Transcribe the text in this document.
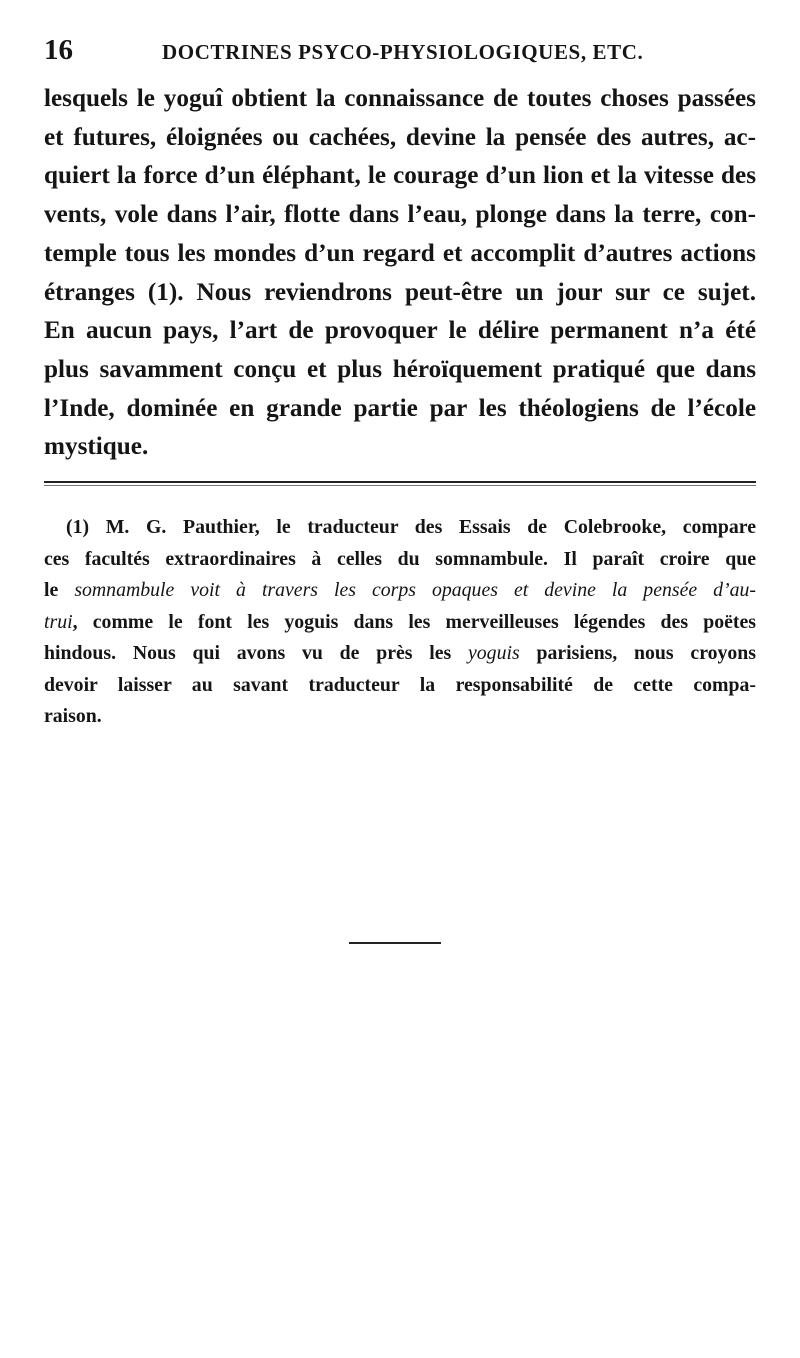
16	DOCTRINES PSYCO-PHYSIOLOGIQUES, ETC.

lesquels le yoguî obtient la connaissance de toutes choses passées
et futures, éloignées ou cachées, devine la pensée des autres, ac-
quiert la force d’un éléphant, le courage d’un lion et la vitesse des
vents, vole dans l’air, flotte dans l’eau, plonge dans la terre, con-
temple tous les mondes d’un regard et accomplit d’autres actions
étranges (1). Nous reviendrons peut-être un jour sur ce sujet.
En aucun pays, l’art de provoquer le délire permanent n’a été
plus savamment conçu et plus héroïquement pratiqué que dans
l’Inde, dominée en grande partie par les théologiens de l’école
mystique.

(1) M. G. Pauthier, le traducteur des Essais de Colebrooke, compare
ces facultés extraordinaires à celles du somnambule. Il paraît croire que
le somnambule voit à travers les corps opaques et devine la pensée d’au-
trui, comme le font les yoguis dans les merveilleuses légendes des poëtes
hindous. Nous qui avons vu de près les yoguis parisiens, nous croyons
devoir laisser au savant traducteur la responsabilité de cette compa-
raison.
